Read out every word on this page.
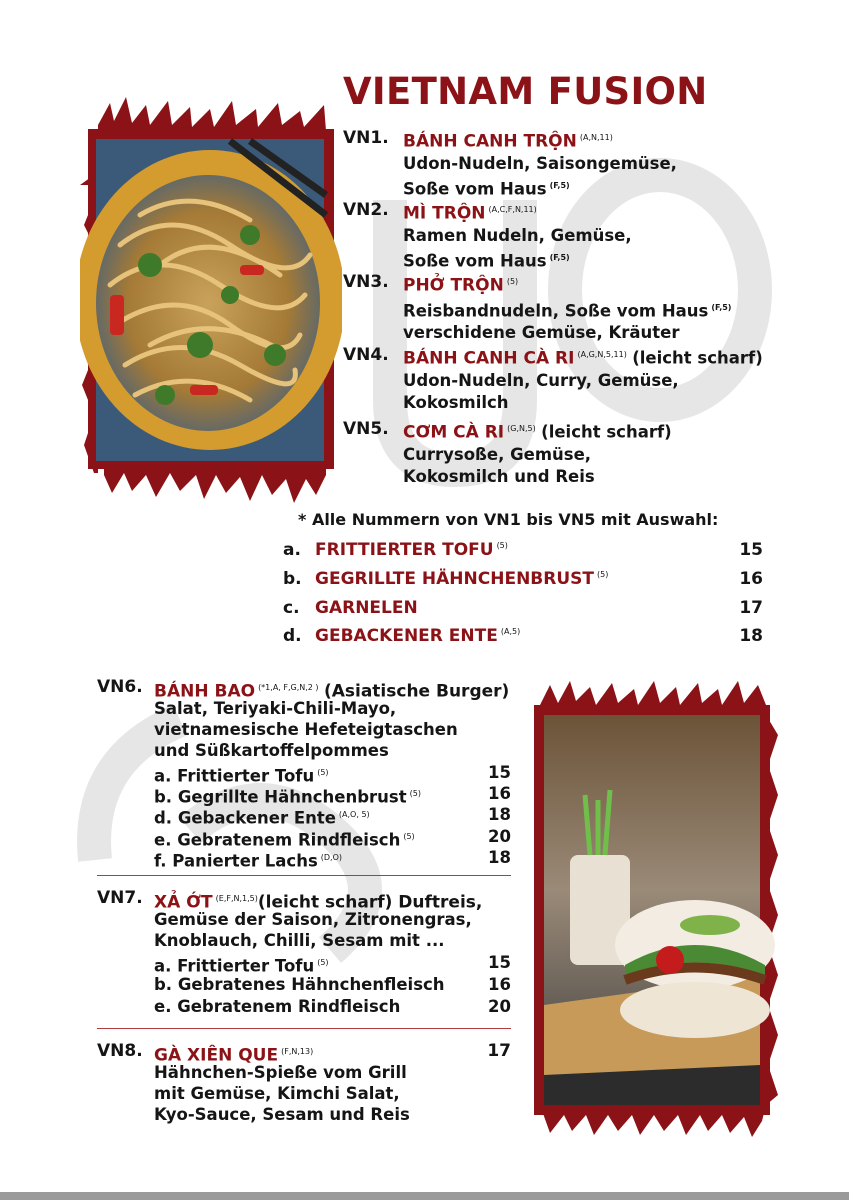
VIETNAM FUSION
VN1. BÁNH CANH TRỘN $^{(A,N,11)}$
Udon-Nudeln, Saisongemüse,
Soße vom Haus $^{(F,5)}$
VN2. MÌ TRỘN $^{(A,C,F,N,11)}$
Ramen Nudeln, Gemüse,
Soße vom Haus $^{(F,5)}$
VN3. PHỞ TRỘN $^{(5)}$
Reisbandnudeln, Soße vom Haus $^{(F,5)}$
verschidene Gemüse, Kräuter
VN4. BÁNH CANH CÀ RI $^{(A,G,N,5,11)}$ (leicht scharf)
Udon-Nudeln, Curry, Gemüse,
Kokosmilch
VN5. CƠM CÀ RI $^{(G,N,5)}$ (leicht scharf)
Currysoße, Gemüse,
Kokosmilch und Reis
* Alle Nummern von VN1 bis VN5 mit Auswahl:
a. FRITTIERTER TOFU $^{(5)}$	15
b. GEGRILLTE HÄHNCHENBRUST $^{(5)}$	16
c. GARNELEN	17
d. GEBACKENER ENTE $^{(A,5)}$	18
VN6. BÁNH BAO $^{(*1,A, F,G,N,2 )}$ (Asiatische Burger)
Salat, Teriyaki-Chili-Mayo,
vietnamesische Hefeteigtaschen
und Süßkartoffelpommes
a. Frittierter Tofu $^{(5)}$	15
b. Gegrillte Hähnchenbrust $^{(5)}$	16
d. Gebackener Ente $^{(A,O, 5)}$	18
e. Gebratenem Rindfleisch $^{(5)}$	20
f. Panierter Lachs $^{(D,O)}$	18
VN7. XẢ ỚT $^{(E,F,N,1,5)}$(leicht scharf) Duftreis,
Gemüse der Saison, Zitronengras,
Knoblauch, Chilli, Sesam mit ...
a. Frittierter Tofu $^{(5)}$	15
b. Gebratenes Hähnchenfleisch	16
e. Gebratenem Rindfleisch	20
VN8. GÀ XIÊN QUE $^{(F,N,13)}$	17
Hähnchen-Spieße vom Grill
mit Gemüse, Kimchi Salat,
Kyo-Sauce, Sesam und Reis
